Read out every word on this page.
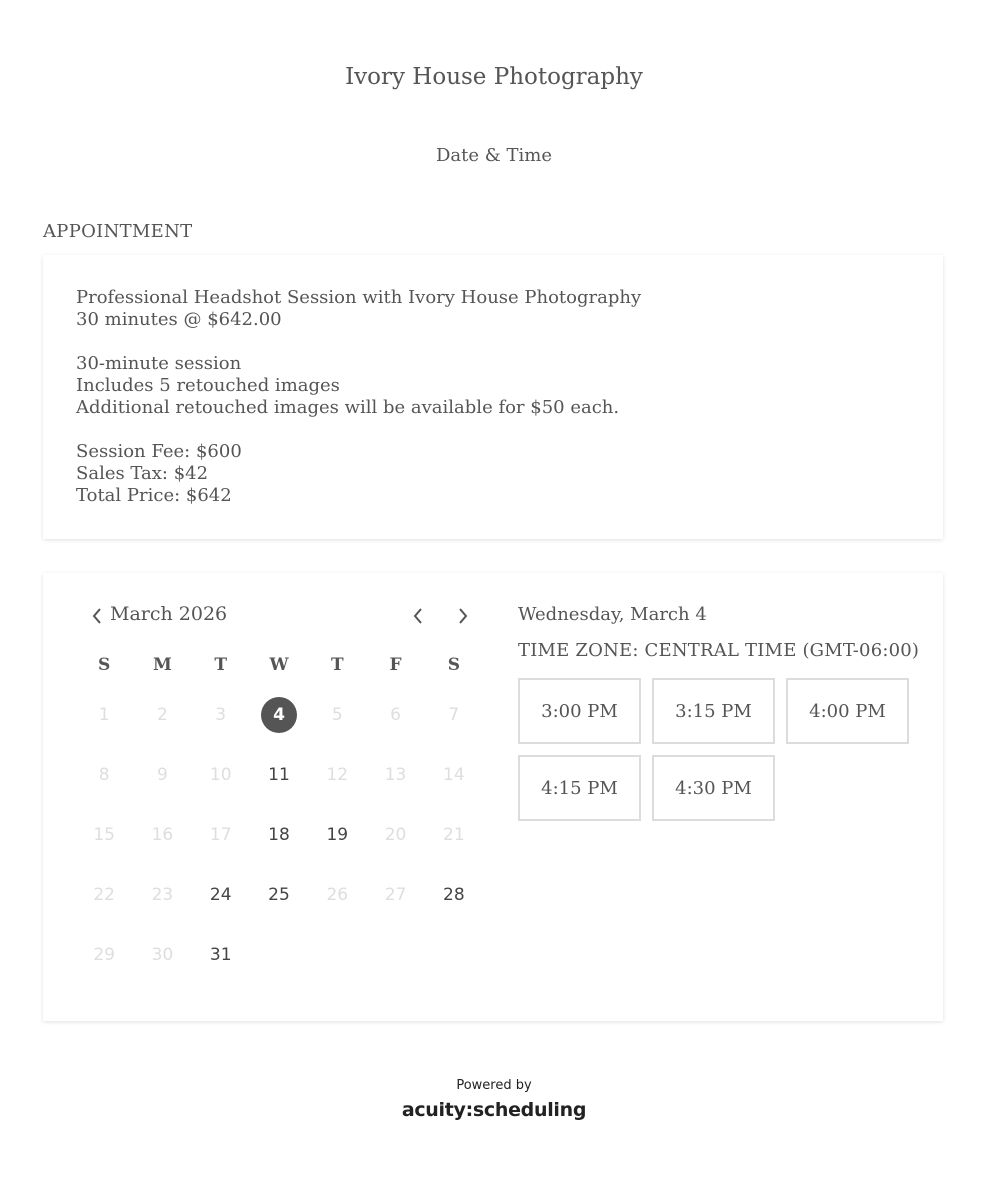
Ivory House Photography
Date & Time
APPOINTMENT
Professional Headshot Session with Ivory House Photography
30 minutes @ $642.00
30-minute session
Includes 5 retouched images
Additional retouched images will be available for $50 each.
Session Fee: $600
Sales Tax: $42
Total Price: $642
March 2026
S	M	T	W	T	F	S
1	2	3	4	5	6	7
8	9	10	11	12	13	14
15	16	17	18	19	20	21
22	23	24	25	26	27	28
29	30	31
Wednesday, March 4
TIME ZONE: CENTRAL TIME (GMT-06:00)
3:00 PM	3:15 PM	4:00 PM
4:15 PM	4:30 PM
Powered by
acuity:scheduling
